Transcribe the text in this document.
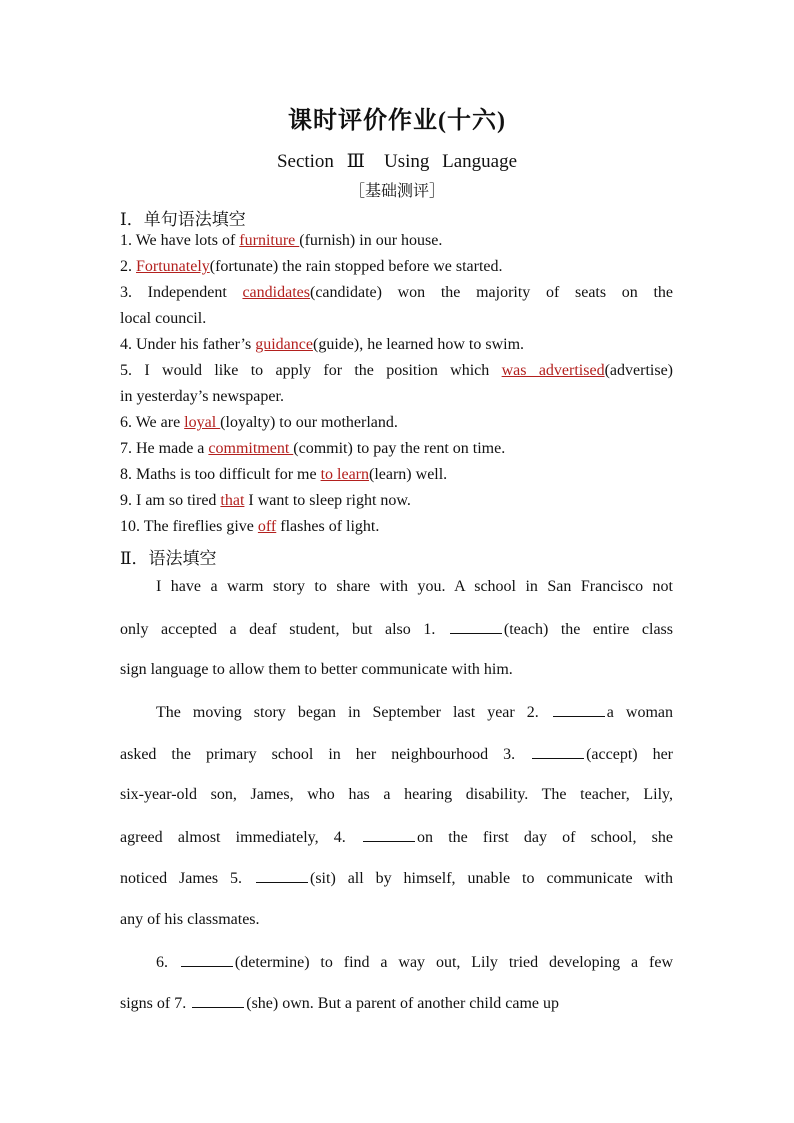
课时评价作业(十六)
Section Ⅲ　Using Language
［基础测评］
Ⅰ．单句语法填空
1. We have lots of furniture (furnish) in our house.
2. Fortunately(fortunate) the rain stopped before we started.
3. Independent candidates(candidate) won the majority of seats on the
local council.
4. Under his father’s guidance(guide), he learned how to swim.
5. I would like to apply for the position which was advertised(advertise)
in yesterday’s newspaper.
6. We are loyal (loyalty) to our motherland.
7. He made a commitment (commit) to pay the rent on time.
8. Maths is too difficult for me to learn(learn) well.
9. I am so tired that I want to sleep right now.
10. The fireflies give off flashes of light.
Ⅱ．语法填空
I have a warm story to share with you. A school in San Francisco not
only accepted a deaf student, but also 1.	(teach) the entire class
sign language to allow them to better communicate with him.
The moving story began in September last year 2.	a woman
asked the primary school in her neighbourhood 3.	(accept) her
six-year-old son, James, who has a hearing disability. The teacher, Lily,
agreed almost immediately, 4.	on the first day of school, she
noticed James 5.	(sit) all by himself, unable to communicate with
any of his classmates.
6.	(determine) to find a way out, Lily tried developing a few
signs of 7.	(she) own. But a parent of another child came up
